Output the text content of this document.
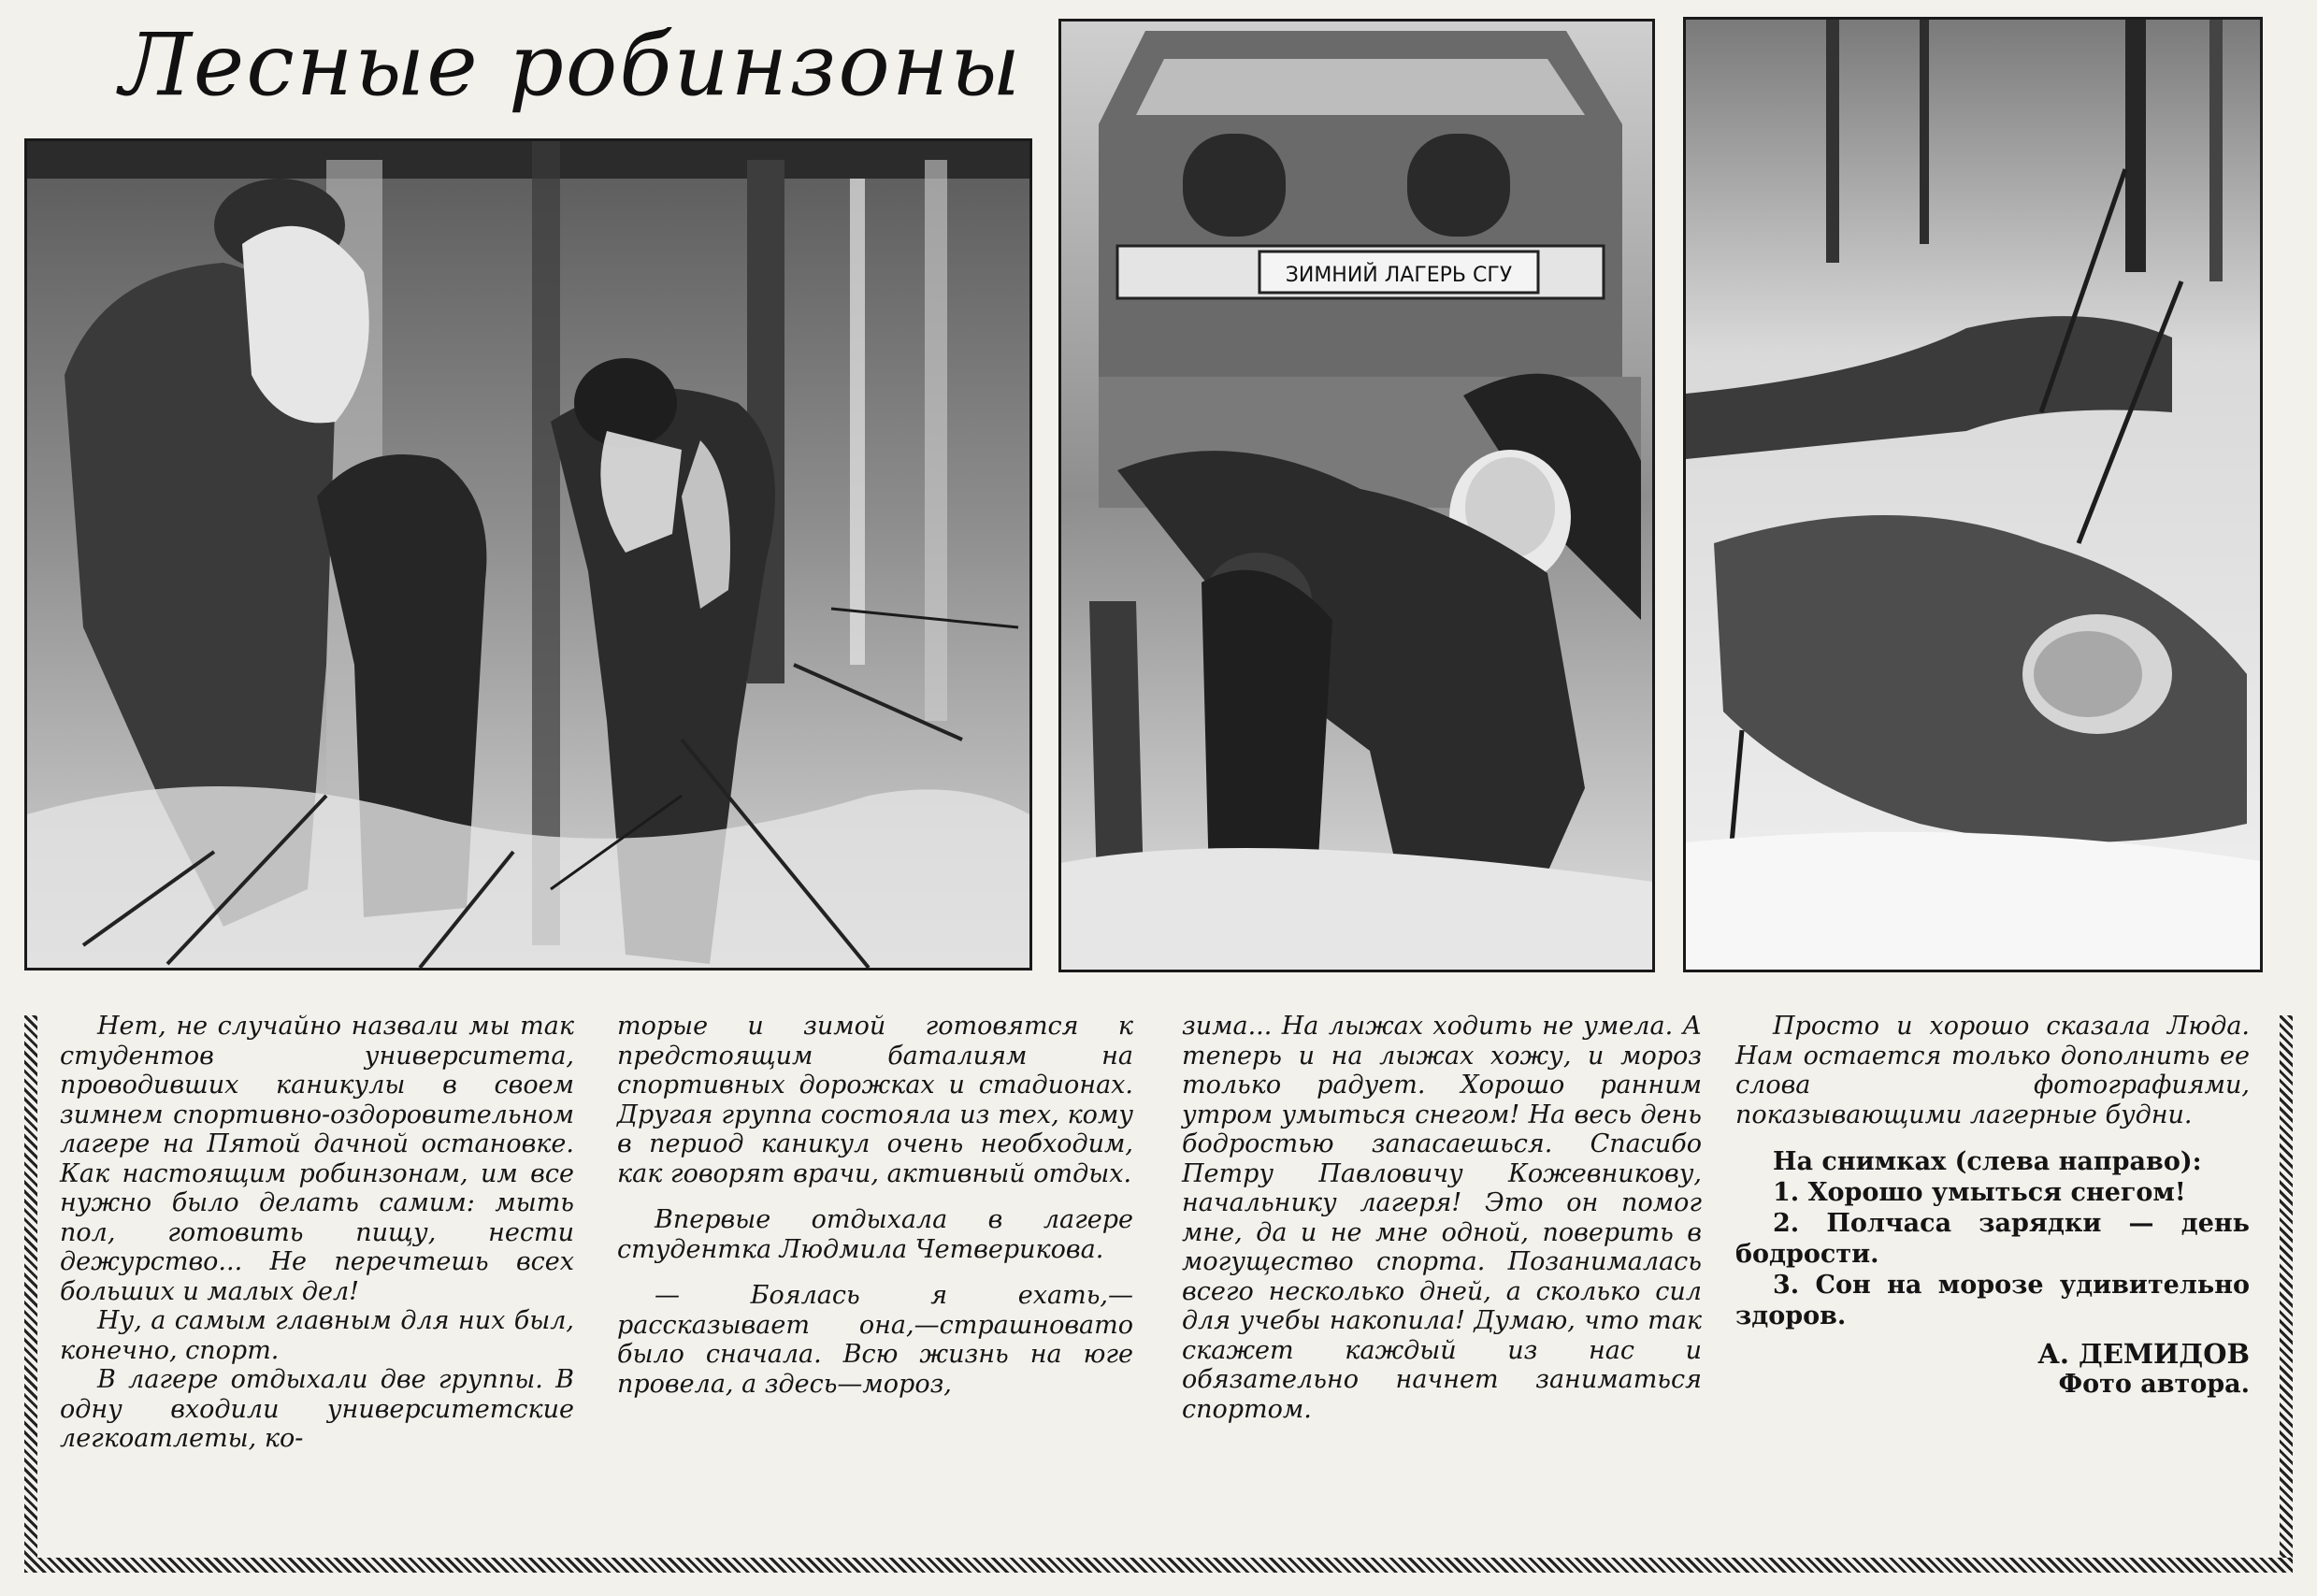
Лесные робинзоны
ЗИМНИЙ ЛАГЕРЬ СГУ

Нет, не случайно назвали мы так студентов университета, проводивших каникулы в своем зимнем спортивно-оздоровительном лагере на Пятой дачной остановке. Как настоящим робинзонам, им все нужно было делать самим: мыть пол, готовить пищу, нести дежурство... Не перечтешь всех больших и малых дел!

Ну, а самым главным для них был, конечно, спорт.

В лагере отдыхали две группы. В одну входили университетские легкоатлеты, ко-

торые и зимой готовятся к предстоящим баталиям на спортивных дорожках и стадионах. Другая группа состояла из тех, кому в период каникул очень необходим, как говорят врачи, активный отдых.

Впервые отдыхала в лагере студентка Людмила Четверикова.

— Боялась я ехать,—рассказывает она,—страшновато было сначала. Всю жизнь на юге провела, а здесь—мороз,

зима... На лыжах ходить не умела. А теперь и на лыжах хожу, и мороз только радует. Хорошо ранним утром умыться снегом! На весь день бодростью запасаешься. Спасибо Петру Павловичу Кожевникову, начальнику лагеря! Это он помог мне, да и не мне одной, поверить в могущество спорта. Позанималась всего несколько дней, а сколько сил для учебы накопила! Думаю, что так скажет каждый из нас и обязательно начнет заниматься спортом.

Просто и хорошо сказала Люда. Нам остается только дополнить ее слова фотографиями, показывающими лагерные будни.

На снимках (слева направо):

1. Хорошо умыться снегом!

2. Полчаса зарядки — день бодрости.

3. Сон на морозе удивительно здоров.

А. ДЕМИДОВ
Фото автора.
